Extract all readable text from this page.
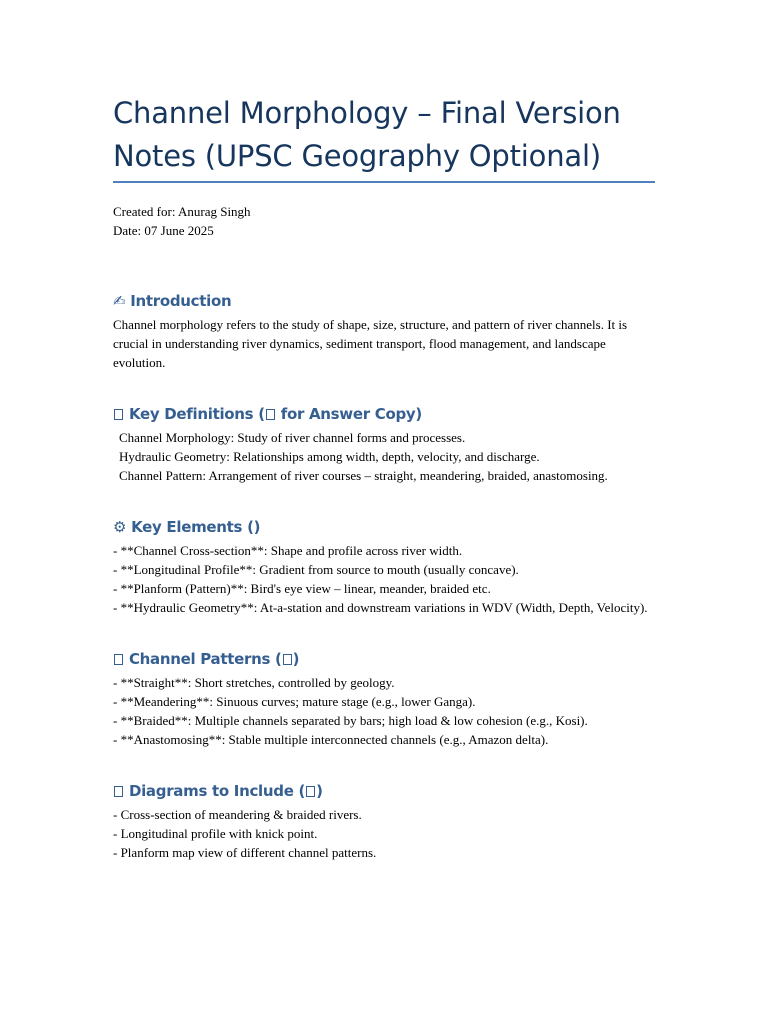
Channel Morphology – Final Version Notes (UPSC Geography Optional)
Created for: Anurag Singh
Date: 07 June 2025
✍ Introduction

Channel morphology refers to the study of shape, size, structure, and pattern of river channels. It is crucial in understanding river dynamics, sediment transport, flood management, and landscape evolution.

Key Definitions ( for Answer Copy)

Channel Morphology: Study of river channel forms and processes.

Hydraulic Geometry: Relationships among width, depth, velocity, and discharge.

Channel Pattern: Arrangement of river courses – straight, meandering, braided, anastomosing.

⚙ Key Elements ()

- **Channel Cross-section**: Shape and profile across river width.

- **Longitudinal Profile**: Gradient from source to mouth (usually concave).

- **Planform (Pattern)**: Bird's eye view – linear, meander, braided etc.

- **Hydraulic Geometry**: At-a-station and downstream variations in WDV (Width, Depth, Velocity).

Channel Patterns ( )

- **Straight**: Short stretches, controlled by geology.

- **Meandering**: Sinuous curves; mature stage (e.g., lower Ganga).

- **Braided**: Multiple channels separated by bars; high load & low cohesion (e.g., Kosi).

- **Anastomosing**: Stable multiple interconnected channels (e.g., Amazon delta).

Diagrams to Include ( )

- Cross-section of meandering & braided rivers.

- Longitudinal profile with knick point.

- Planform map view of different channel patterns.
